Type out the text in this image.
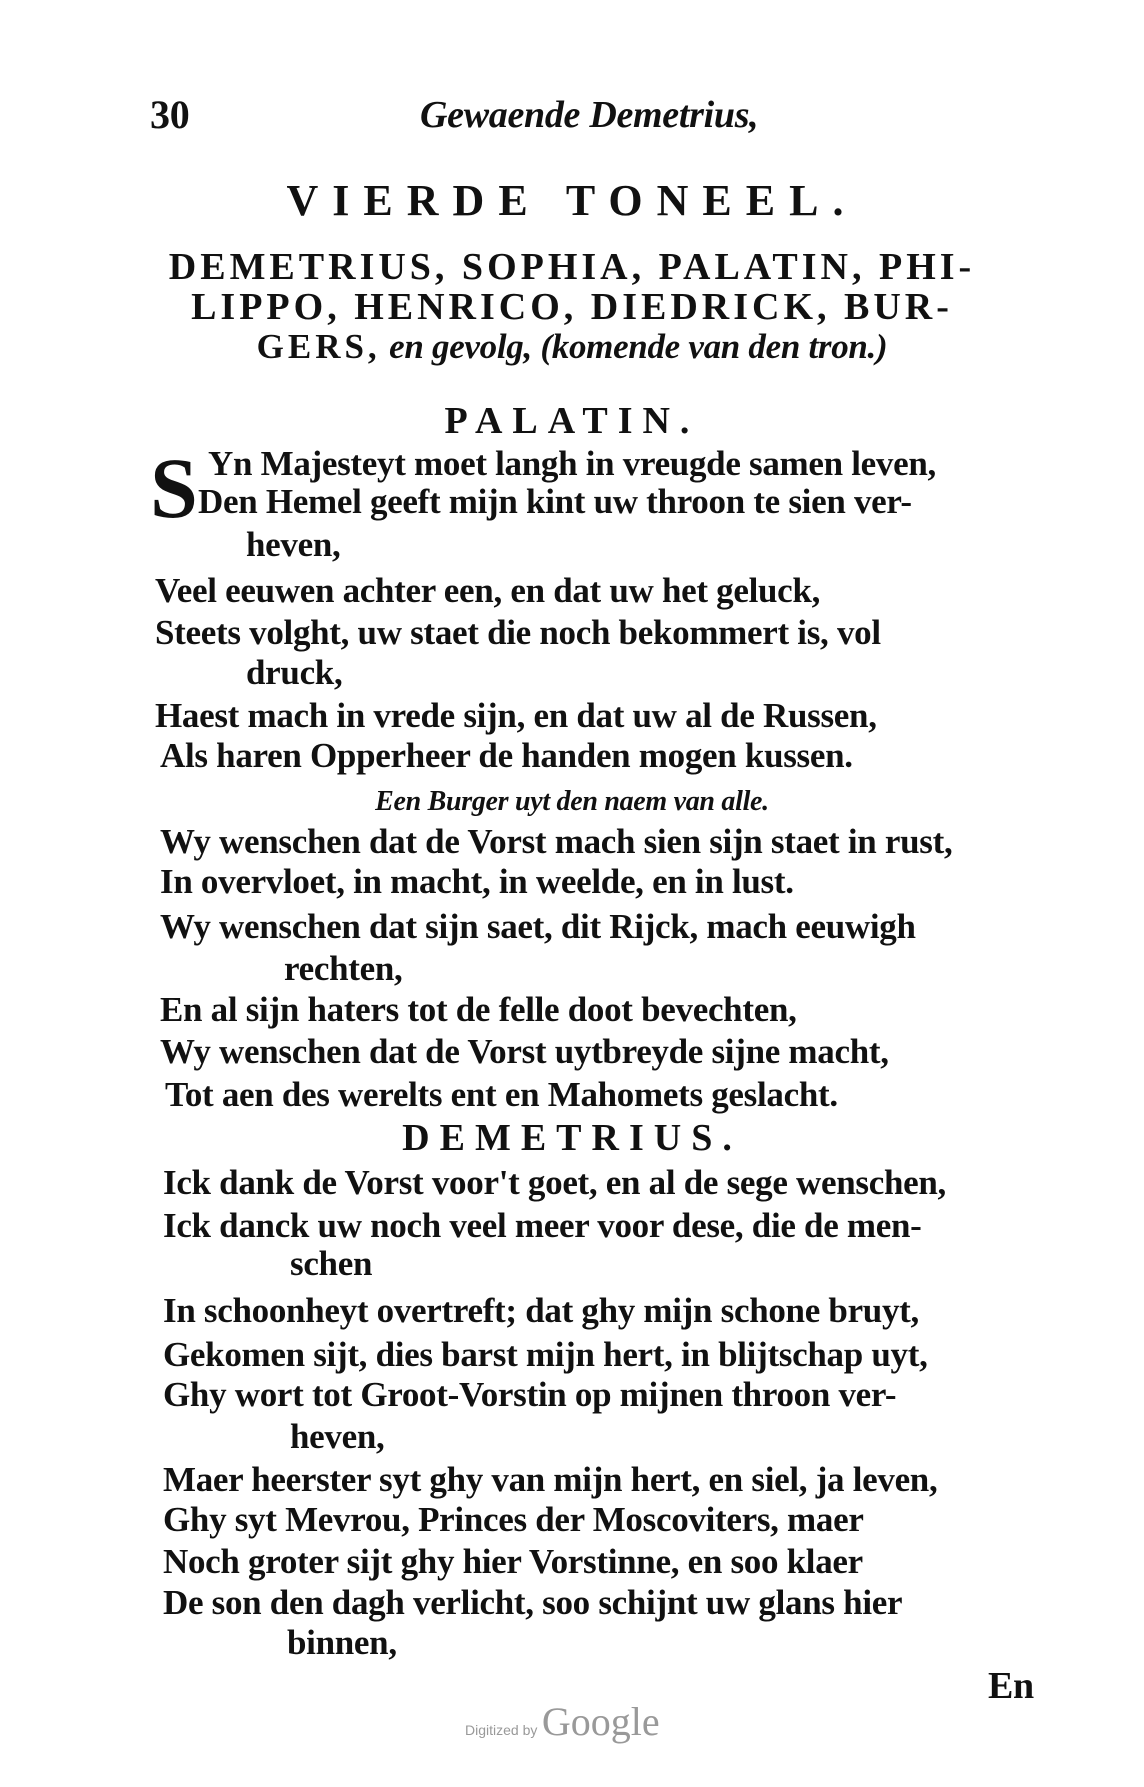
30	Gewaende Demetrius,
VIERDE TONEEL.
DEMETRIUS, SOPHIA, PALATIN, PHI-
LIPPO, HENRICO, DIEDRICK, BUR-
GERS, en gevolg, (komende van den tron.)
PALATIN.
S Yn Majesteyt moet langh in vreugde samen leven,
Den Hemel geeft mijn kint uw throon te sien ver-
heven,
Veel eeuwen achter een, en dat uw het geluck,
Steets volght, uw staet die noch bekommert is, vol
druck,
Haest mach in vrede sijn, en dat uw al de Russen,
Als haren Opperheer de handen mogen kussen.
Een Burger uyt den naem van alle.
Wy wenschen dat de Vorst mach sien sijn staet in rust,
In overvloet, in macht, in weelde, en in lust.
Wy wenschen dat sijn saet, dit Rijck, mach eeuwigh
rechten,
En al sijn haters tot de felle doot bevechten,
Wy wenschen dat de Vorst uytbreyde sijne macht,
Tot aen des werelts ent en Mahomets geslacht.
DEMETRIUS.
Ick dank de Vorst voor't goet, en al de sege wenschen,
Ick danck uw noch veel meer voor dese, die de men-
schen
In schoonheyt overtreft; dat ghy mijn schone bruyt,
Gekomen sijt, dies barst mijn hert, in blijtschap uyt,
Ghy wort tot Groot-Vorstin op mijnen throon ver-
heven,
Maer heerster syt ghy van mijn hert, en siel, ja leven,
Ghy syt Mevrou, Princes der Moscoviters, maer
Noch groter sijt ghy hier Vorstinne, en soo klaer
De son den dagh verlicht, soo schijnt uw glans hier
binnen,
En
Digitized by Google
